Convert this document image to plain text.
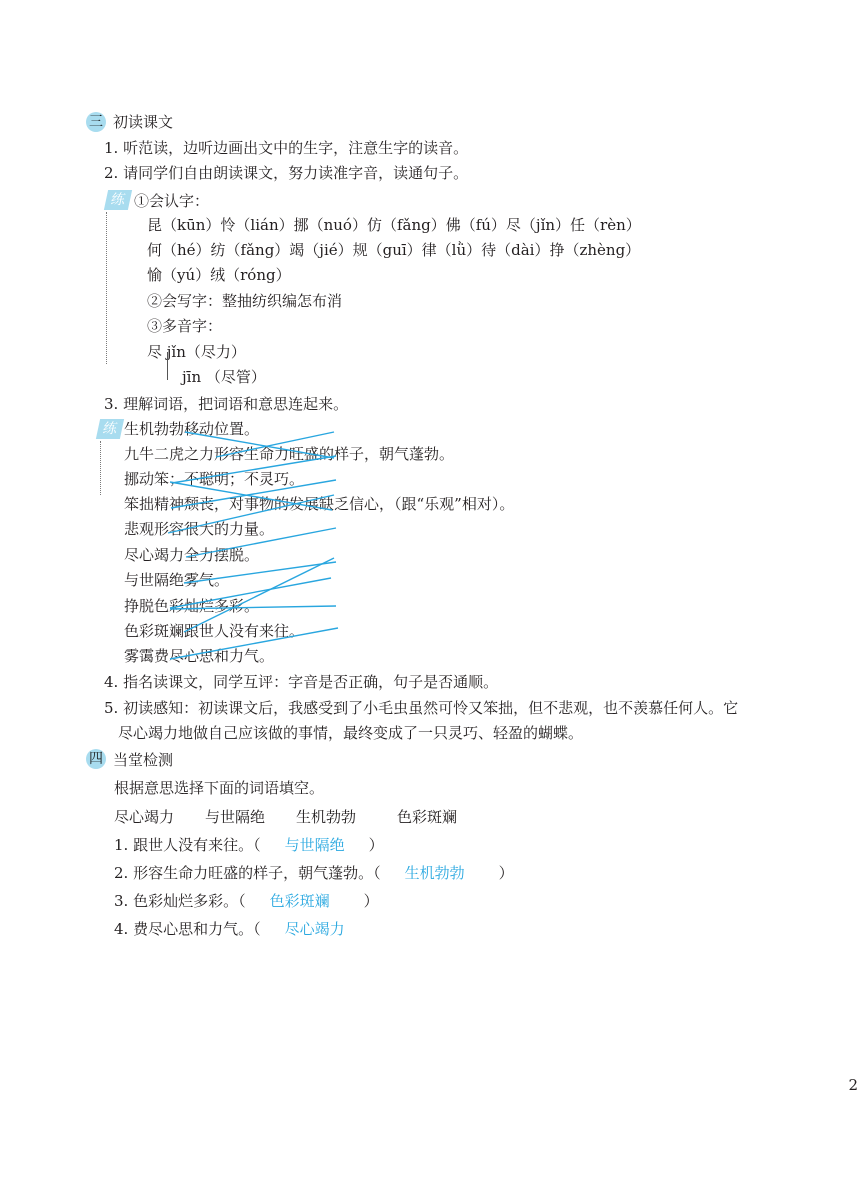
三 初读课文
1. 听范读，边听边画出文中的生字，注意生字的读音。
2. 请同学们自由朗读课文，努力读准字音，读通句子。
练 ①会认字：
昆（kūn）怜（lián）挪（nuó）仿（fǎng）佛（fú）尽（jǐn）任（rèn）
何（hé）纺（fǎng）竭（jié）规（guī）律（lǜ）待（dài）挣（zhèng）
愉（yú）绒（róng）
②会写字：整抽纺织编怎布消
③多音字：
尽 jǐn（尽力）
jīn （尽管）
3. 理解词语，把词语和意思连起来。
练 生机勃勃移动位置。
九牛二虎之力形容生命力旺盛的样子，朝气蓬勃。
挪动笨；不聪明；不灵巧。
笨拙精神颓丧，对事物的发展缺乏信心，（跟“乐观”相对）。
悲观形容很大的力量。
尽心竭力全力摆脱。
与世隔绝雾气。
挣脱色彩灿烂多彩。
色彩斑斓跟世人没有来往。
雾霭费尽心思和力气。
4. 指名读课文，同学互评：字音是否正确，句子是否通顺。
5. 初读感知：初读课文后，我感受到了小毛虫虽然可怜又笨拙，但不悲观，也不羡慕任何人。它
尽心竭力地做自己应该做的事情，最终变成了一只灵巧、轻盈的蝴蝶。
四 当堂检测
根据意思选择下面的词语填空。
尽心竭力 与世隔绝 生机勃勃	色彩斑斓
1. 跟世人没有来往。（ 与世隔绝 ）
2. 形容生命力旺盛的样子，朝气蓬勃。（ 生机勃勃 ）
3. 色彩灿烂多彩。（ 色彩斑斓 ）
4. 费尽心思和力气。（ 尽心竭力
2
